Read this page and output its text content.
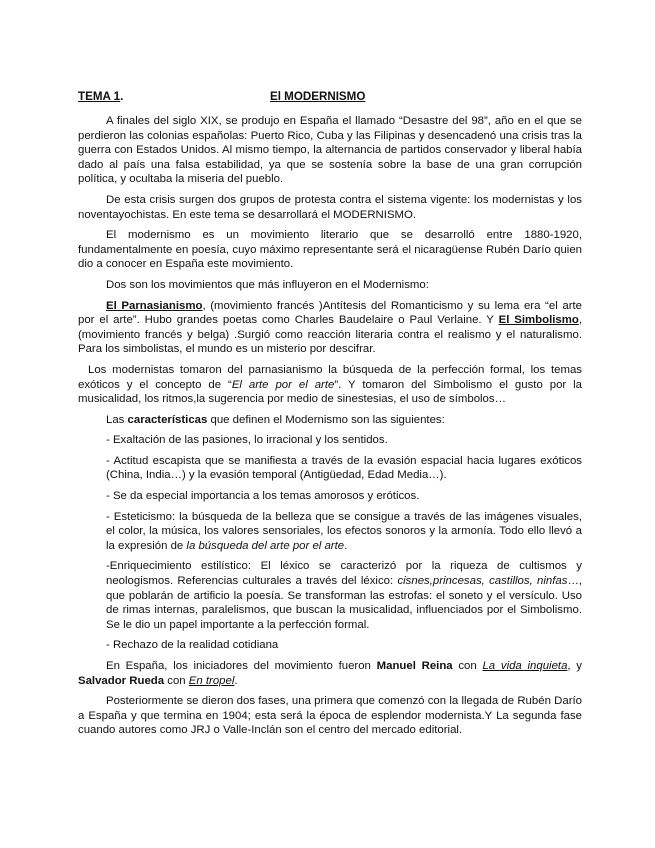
TEMA 1.	El MODERNISMO

A finales del siglo XIX, se produjo en España el llamado “Desastre del 98”, año en el que se perdieron las colonias españolas: Puerto Rico, Cuba y las Filipinas y desencadenó una crisis tras la guerra con Estados Unidos. Al mismo tiempo, la alternancia de partidos conservador y liberal había dado al país una falsa estabilidad, ya que se sostenía sobre la base de una gran corrupción política, y ocultaba la miseria del pueblo.

De esta crisis surgen dos grupos de protesta contra el sistema vigente: los modernistas y los noventayochistas. En este tema se desarrollará el MODERNISMO.

El modernismo es un movimiento literario que se desarrolló entre 1880-1920, fundamentalmente en poesía, cuyo máximo representante será el nicaragüense Rubén Darío quien dio a conocer en España este movimiento.

Dos son los movimientos que más influyeron en el Modernismo:

El Parnasianismo, (movimiento francés )Antítesis del Romanticismo y su lema era “el arte por el arte”. Hubo grandes poetas como Charles Baudelaire o Paul Verlaine. Y El Simbolismo, (movimiento francés y belga) .Surgió como reacción literaria contra el realismo y el naturalismo. Para los simbolistas, el mundo es un misterio por descifrar.

Los modernistas tomaron del parnasianismo la búsqueda de la perfección formal, los temas exóticos y el concepto de “El arte por el arte”. Y tomaron del Simbolismo el gusto por la musicalidad, los ritmos,la sugerencia por medio de sinestesias, el uso de símbolos…

Las características que definen el Modernismo son las siguientes:

- Exaltación de las pasiones, lo irracional y los sentidos.

- Actitud escapista que se manifiesta a través de la evasión espacial hacia lugares exóticos (China, India…) y la evasión temporal (Antigüedad, Edad Media…).

- Se da especial importancia a los temas amorosos y eróticos.

- Esteticismo: la búsqueda de la belleza que se consigue a través de las imágenes visuales, el color, la música, los valores sensoriales, los efectos sonoros y la armonía. Todo ello llevó a la expresión de la búsqueda del arte por el arte.

-Enriquecimiento estilístico: El léxico se caracterizó por la riqueza de cultismos y neologismos. Referencias culturales a través del léxico: cisnes,princesas, castillos, ninfas…, que poblarán de artificio la poesía. Se transforman las estrofas: el soneto y el versículo. Uso de rimas internas, paralelismos, que buscan la musicalidad, influenciados por el Simbolismo. Se le dio un papel importante a la perfección formal.

- Rechazo de la realidad cotidiana

En España, los iniciadores del movimiento fueron Manuel Reina con La vida inquieta, y Salvador Rueda con En tropel.

Posteriormente se dieron dos fases, una primera que comenzó con la llegada de Rubén Darío a España y que termina en 1904; esta será la época de esplendor modernista.Y La segunda fase cuando autores como JRJ o Valle-Inclán son el centro del mercado editorial.
